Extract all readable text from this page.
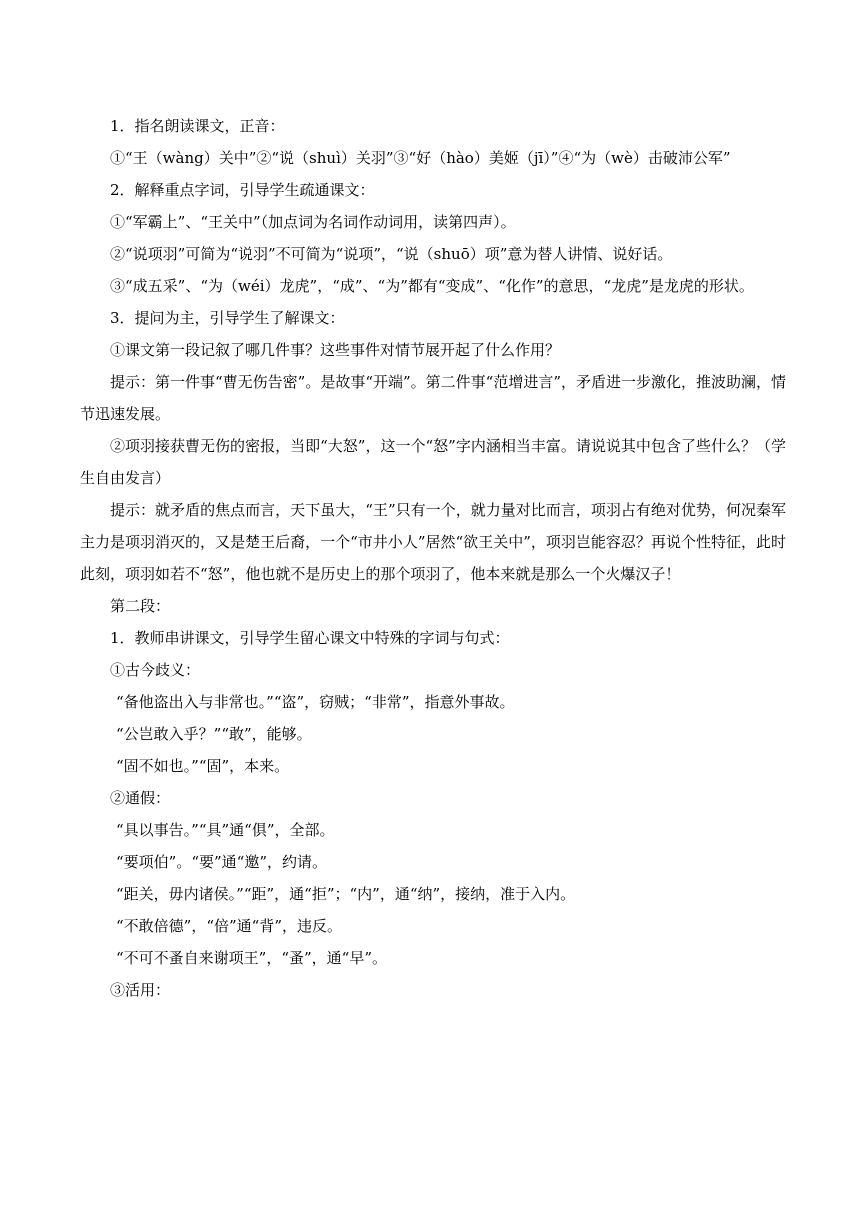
1．指名朗读课文，正音：

①“王（wàng）关中”②“说（shuì）关羽”③“好（hào）美姬（jī）”④“为（wè）击破沛公军”

2．解释重点字词，引导学生疏通课文：

①“军霸上”、“王关中”（加点词为名词作动词用，读第四声）。

②“说项羽”可简为“说羽”不可简为“说项”，“说（shuō）项”意为替人讲情、说好话。

③“成五采”、“为（wéi）龙虎”，“成”、“为”都有“变成”、“化作”的意思，“龙虎”是龙虎的形状。

3．提问为主，引导学生了解课文：

①课文第一段记叙了哪几件事？这些事件对情节展开起了什么作用？

提示：第一件事“曹无伤告密”。是故事“开端”。第二件事“范增进言”，矛盾进一步激化，推波助澜，情节迅速发展。

②项羽接获曹无伤的密报，当即“大怒”，这一个“怒”字内涵相当丰富。请说说其中包含了些什么？（学生自由发言）

提示：就矛盾的焦点而言，天下虽大，“王”只有一个，就力量对比而言，项羽占有绝对优势，何况秦军主力是项羽消灭的，又是楚王后裔，一个“市井小人”居然“欲王关中”，项羽岂能容忍？再说个性特征，此时此刻，项羽如若不“怒”，他也就不是历史上的那个项羽了，他本来就是那么一个火爆汉子！

第二段：

1．教师串讲课文，引导学生留心课文中特殊的字词与句式：

①古今歧义：

“备他盗出入与非常也。”“盗”，窃贼；“非常”，指意外事故。

“公岂敢入乎？”“敢”，能够。

“固不如也。”“固”，本来。

②通假：

“具以事告。”“具”通“俱”，全部。

“要项伯”。“要”通“邀”，约请。

“距关，毋内诸侯。”“距”，通“拒”；“内”，通“纳”，接纳，准于入内。

“不敢倍德”，“倍”通“背”，违反。

“不可不蚤自来谢项王”，“蚤”，通“早”。

③活用：
